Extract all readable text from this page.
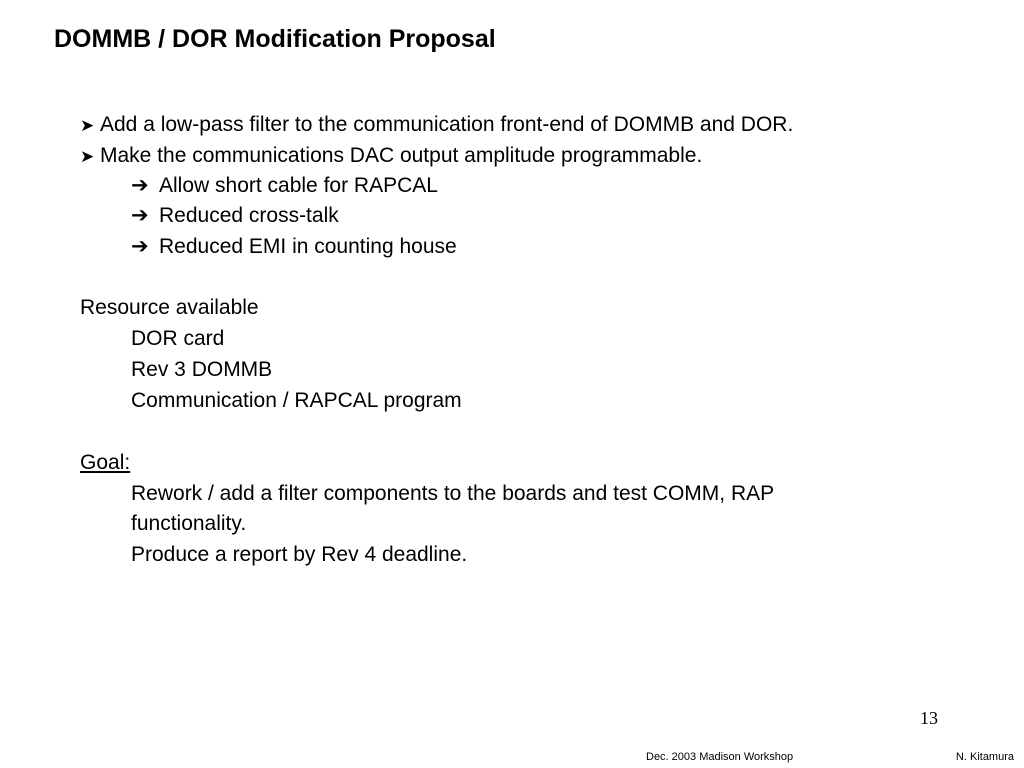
DOMMB / DOR Modification Proposal
➤ Add a low-pass filter to the communication front-end of DOMMB and DOR.
➤ Make the communications DAC output amplitude programmable.
➔ Allow short cable for RAPCAL
➔ Reduced cross-talk
➔ Reduced EMI in counting house
Resource available
DOR card
Rev 3 DOMMB
Communication / RAPCAL program
Goal:
Rework / add a filter components to the boards and test COMM, RAP
functionality.
Produce a report by Rev 4 deadline.
13
Dec. 2003 Madison Workshop	N. Kitamura
